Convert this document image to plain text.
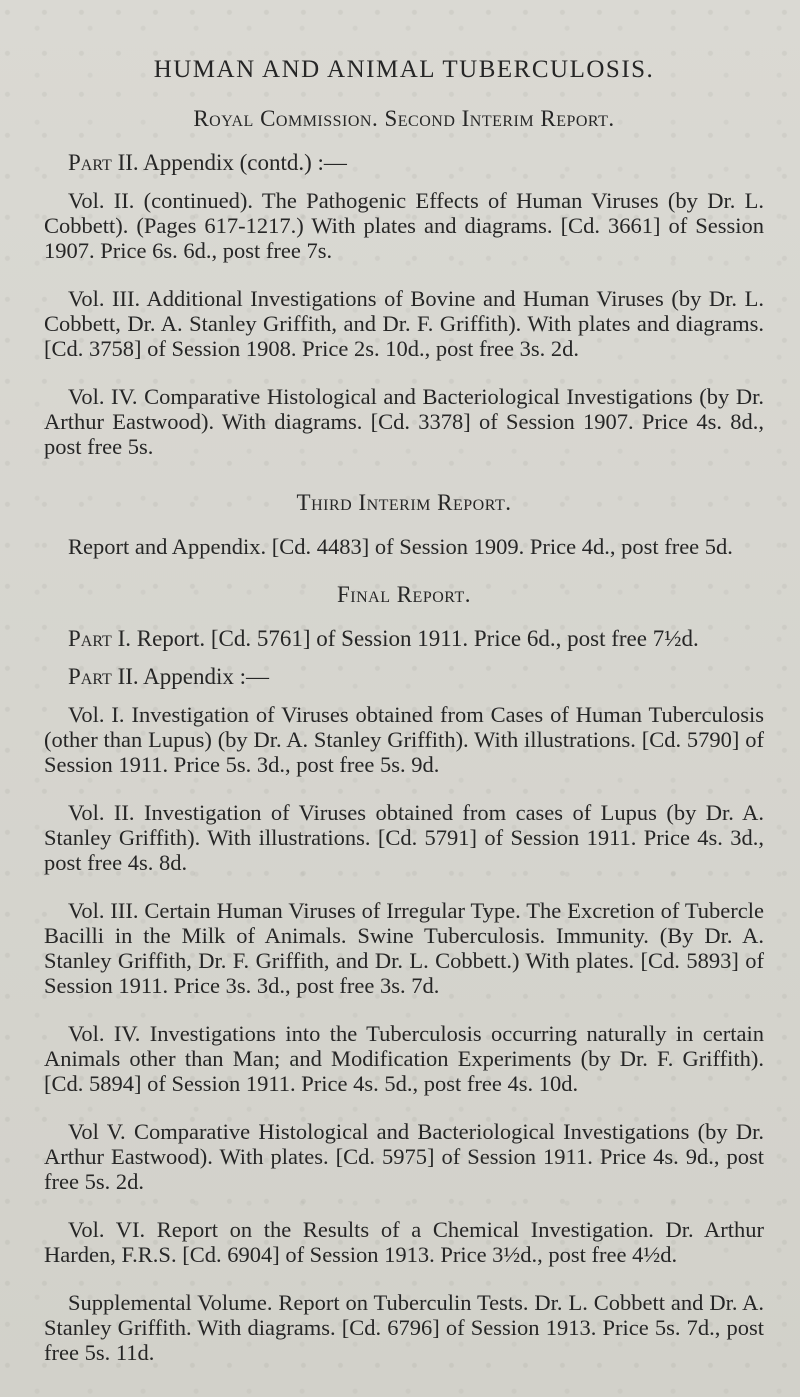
HUMAN AND ANIMAL TUBERCULOSIS.
Royal Commission. Second Interim Report.
Part II. Appendix (contd.) :—

Vol. II. (continued). The Pathogenic Effects of Human Viruses (by Dr. L. Cobbett). (Pages 617-1217.) With plates and diagrams. [Cd. 3661] of Session 1907. Price 6s. 6d., post free 7s.

Vol. III. Additional Investigations of Bovine and Human Viruses (by Dr. L. Cobbett, Dr. A. Stanley Griffith, and Dr. F. Griffith). With plates and diagrams. [Cd. 3758] of Session 1908. Price 2s. 10d., post free 3s. 2d.

Vol. IV. Comparative Histological and Bacteriological Investigations (by Dr. Arthur Eastwood). With diagrams. [Cd. 3378] of Session 1907. Price 4s. 8d., post free 5s.

Third Interim Report.

Report and Appendix. [Cd. 4483] of Session 1909. Price 4d., post free 5d.

Final Report.
Part I. Report. [Cd. 5761] of Session 1911. Price 6d., post free 7½d.
Part II. Appendix :—

Vol. I. Investigation of Viruses obtained from Cases of Human Tuberculosis (other than Lupus) (by Dr. A. Stanley Griffith). With illustrations. [Cd. 5790] of Session 1911. Price 5s. 3d., post free 5s. 9d.

Vol. II. Investigation of Viruses obtained from cases of Lupus (by Dr. A. Stanley Griffith). With illustrations. [Cd. 5791] of Session 1911. Price 4s. 3d., post free 4s. 8d.

Vol. III. Certain Human Viruses of Irregular Type. The Excretion of Tubercle Bacilli in the Milk of Animals. Swine Tuberculosis. Immunity. (By Dr. A. Stanley Griffith, Dr. F. Griffith, and Dr. L. Cobbett.) With plates. [Cd. 5893] of Session 1911. Price 3s. 3d., post free 3s. 7d.

Vol. IV. Investigations into the Tuberculosis occurring naturally in certain Animals other than Man; and Modification Experiments (by Dr. F. Griffith). [Cd. 5894] of Session 1911. Price 4s. 5d., post free 4s. 10d.

Vol V. Comparative Histological and Bacteriological Investigations (by Dr. Arthur Eastwood). With plates. [Cd. 5975] of Session 1911. Price 4s. 9d., post free 5s. 2d.

Vol. VI. Report on the Results of a Chemical Investigation. Dr. Arthur Harden, F.R.S. [Cd. 6904] of Session 1913. Price 3½d., post free 4½d.

Supplemental Volume. Report on Tuberculin Tests. Dr. L. Cobbett and Dr. A. Stanley Griffith. With diagrams. [Cd. 6796] of Session 1913. Price 5s. 7d., post free 5s. 11d.
